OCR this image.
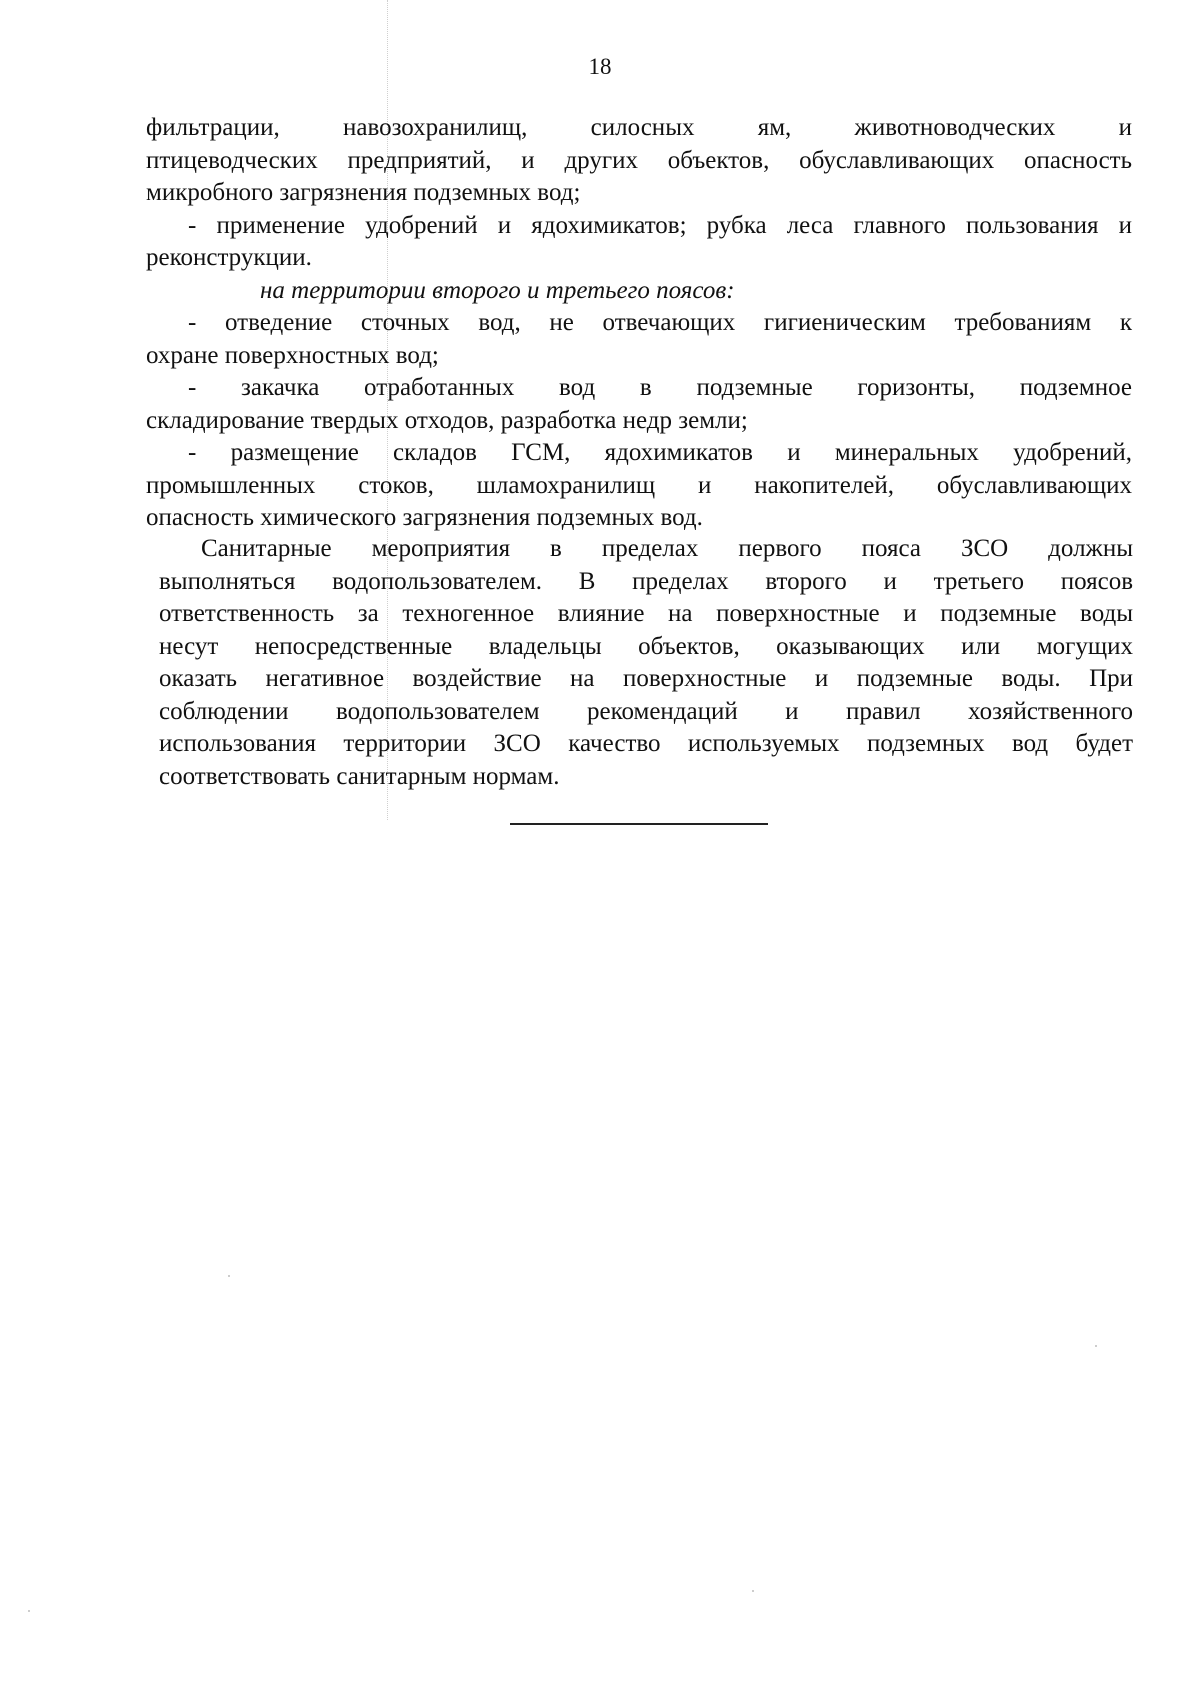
18
фильтрации, навозохранилищ, силосных ям, животноводческих и
птицеводческих предприятий, и других объектов, обуславливающих опасность
микробного загрязнения подземных вод;
- применение удобрений и ядохимикатов; рубка леса главного пользования и
реконструкции.
на территории второго и третьего поясов:
- отведение сточных вод, не отвечающих гигиеническим требованиям к
охране поверхностных вод;
- закачка отработанных вод в подземные горизонты, подземное
складирование твердых отходов, разработка недр земли;
- размещение складов ГСМ, ядохимикатов и минеральных удобрений,
промышленных стоков, шламохранилищ и накопителей, обуславливающих
опасность химического загрязнения подземных вод.
Санитарные мероприятия в пределах первого пояса ЗСО должны
выполняться водопользователем. В пределах второго и третьего поясов
ответственность за техногенное влияние на поверхностные и подземные воды
несут непосредственные владельцы объектов, оказывающих или могущих
оказать негативное воздействие на поверхностные и подземные воды. При
соблюдении водопользователем рекомендаций и правил хозяйственного
использования территории ЗСО качество используемых подземных вод будет
соответствовать санитарным нормам.
